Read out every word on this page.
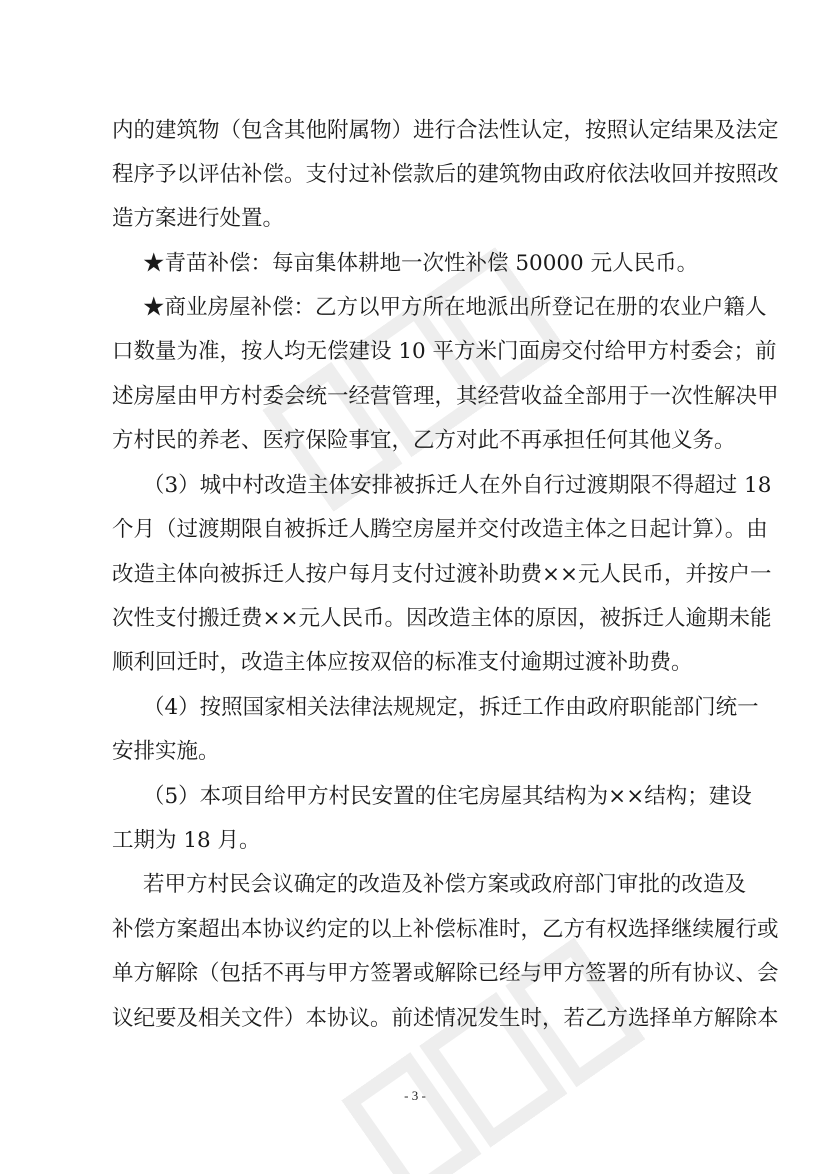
内的建筑物（包含其他附属物）进行合法性认定，按照认定结果及法定
程序予以评估补偿。支付过补偿款后的建筑物由政府依法收回并按照改
造方案进行处置。
★青苗补偿：每亩集体耕地一次性补偿 50000 元人民币。
★商业房屋补偿：乙方以甲方所在地派出所登记在册的农业户籍人
口数量为准，按人均无偿建设 10 平方米门面房交付给甲方村委会；前
述房屋由甲方村委会统一经营管理，其经营收益全部用于一次性解决甲
方村民的养老、医疗保险事宜，乙方对此不再承担任何其他义务。
（3）城中村改造主体安排被拆迁人在外自行过渡期限不得超过 18
个月（过渡期限自被拆迁人腾空房屋并交付改造主体之日起计算）。由
改造主体向被拆迁人按户每月支付过渡补助费××元人民币，并按户一
次性支付搬迁费××元人民币。因改造主体的原因，被拆迁人逾期未能
顺利回迁时，改造主体应按双倍的标准支付逾期过渡补助费。
（4）按照国家相关法律法规规定，拆迁工作由政府职能部门统一
安排实施。
（5）本项目给甲方村民安置的住宅房屋其结构为××结构；建设
工期为 18 月。
若甲方村民会议确定的改造及补偿方案或政府部门审批的改造及
补偿方案超出本协议约定的以上补偿标准时，乙方有权选择继续履行或
单方解除（包括不再与甲方签署或解除已经与甲方签署的所有协议、会
议纪要及相关文件）本协议。前述情况发生时，若乙方选择单方解除本
- 3 -
